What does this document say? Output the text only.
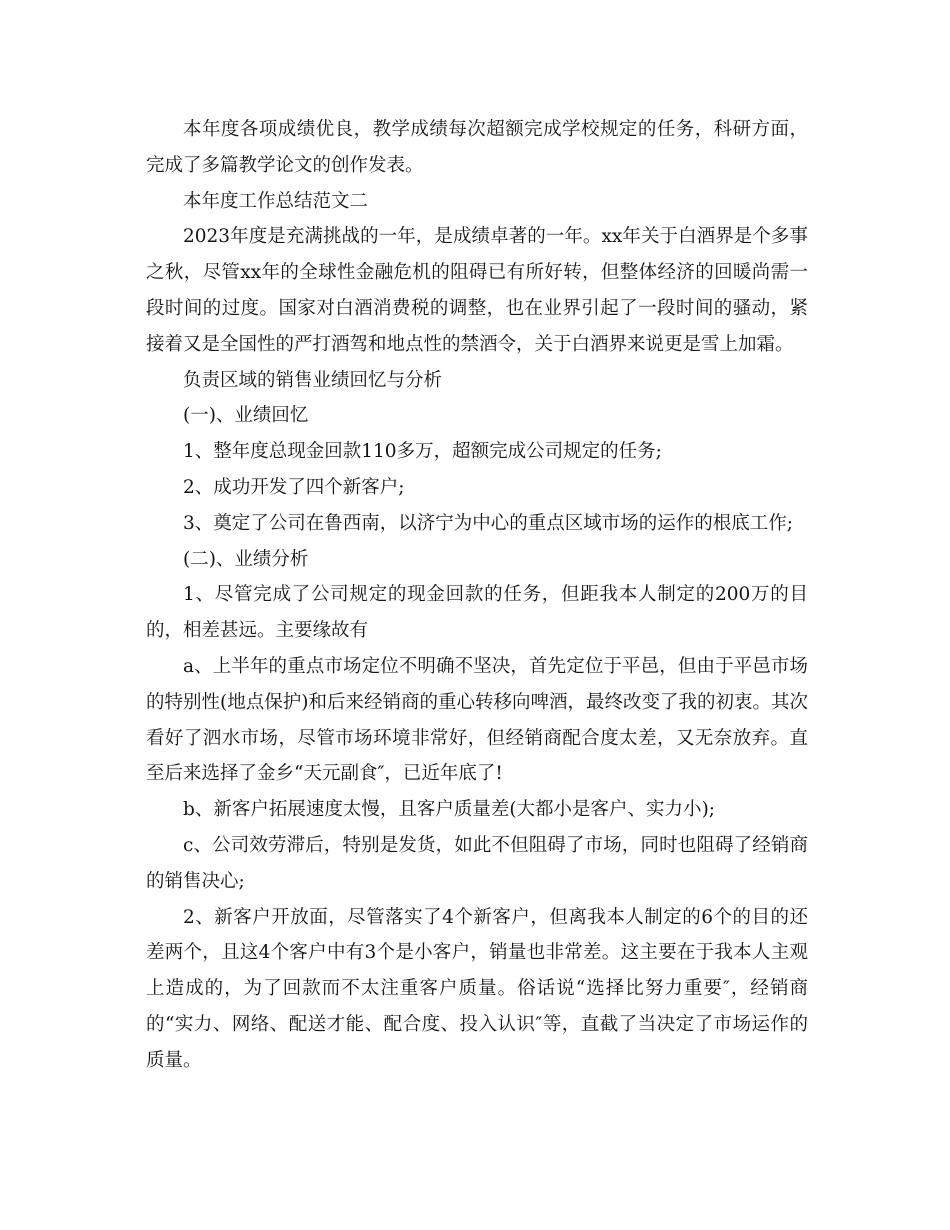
本年度各项成绩优良，教学成绩每次超额完成学校规定的任务，科研方面，完成了多篇教学论文的创作发表。

本年度工作总结范文二

2023年度是充满挑战的一年，是成绩卓著的一年。xx年关于白酒界是个多事之秋，尽管xx年的全球性金融危机的阻碍已有所好转，但整体经济的回暖尚需一段时间的过度。国家对白酒消费税的调整，也在业界引起了一段时间的骚动，紧接着又是全国性的严打酒驾和地点性的禁酒令，关于白酒界来说更是雪上加霜。

负责区域的销售业绩回忆与分析

(一)、业绩回忆

1、整年度总现金回款110多万，超额完成公司规定的任务;

2、成功开发了四个新客户;

3、奠定了公司在鲁西南，以济宁为中心的重点区域市场的运作的根底工作;

(二)、业绩分析

1、尽管完成了公司规定的现金回款的任务，但距我本人制定的200万的目的，相差甚远。主要缘故有

a、上半年的重点市场定位不明确不坚决，首先定位于平邑，但由于平邑市场的特别性(地点保护)和后来经销商的重心转移向啤酒，最终改变了我的初衷。其次看好了泗水市场，尽管市场环境非常好，但经销商配合度太差，又无奈放弃。直至后来选择了金乡“天元副食″，已近年底了!

b、新客户拓展速度太慢，且客户质量差(大都小是客户、实力小);

c、公司效劳滞后，特别是发货，如此不但阻碍了市场，同时也阻碍了经销商的销售决心;

2、新客户开放面，尽管落实了4个新客户，但离我本人制定的6个的目的还差两个，且这4个客户中有3个是小客户，销量也非常差。这主要在于我本人主观上造成的，为了回款而不太注重客户质量。俗话说“选择比努力重要″，经销商的“实力、网络、配送才能、配合度、投入认识″等，直截了当决定了市场运作的质量。
